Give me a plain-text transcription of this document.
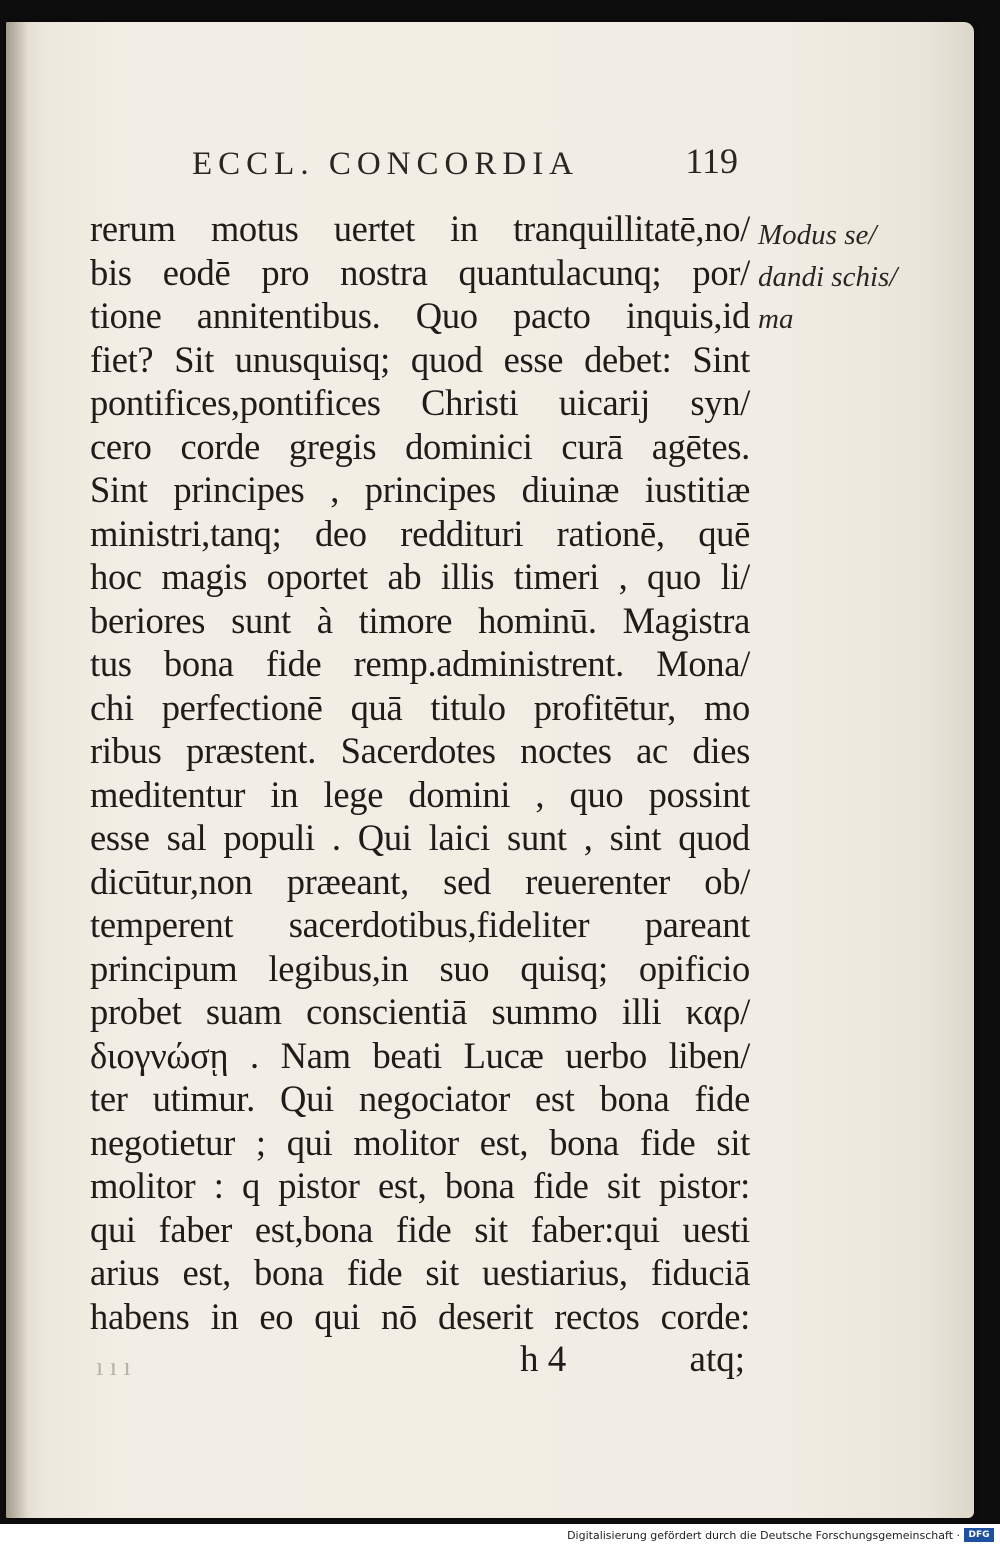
ECCL. CONCORDIA	119
rerum motus uertet in tranquillitatē,no/
bis eodē pro nostra quantulacunq; por/
tione annitentibus. Quo pacto inquis,id
fiet? Sit unusquisq; quod esse debet: Sint
pontifices,pontifices Christi uicarij syn/
cero corde gregis dominici curā agētes.
Sint principes , principes diuinæ iustitiæ
ministri,tanq; deo reddituri rationē, quē
hoc magis oportet ab illis timeri , quo li/
beriores sunt à timore hominū. Magistra
tus bona fide remp.administrent. Mona/
chi perfectionē quā titulo profitētur, mo
ribus præstent. Sacerdotes noctes ac dies
meditentur in lege domini , quo possint
esse sal populi . Qui laici sunt , sint quod
dicūtur,non præeant, sed reuerenter ob/
temperent sacerdotibus,fideliter pareant
principum legibus,in suo quisq; opificio
probet suam conscientiā summo illi καρ/
διογνώσῃ . Nam beati Lucæ uerbo liben/
ter utimur. Qui negociator est bona fide
negotietur ; qui molitor est, bona fide sit
molitor : q pistor est, bona fide sit pistor:
qui faber est,bona fide sit faber:qui uesti
arius est, bona fide sit uestiarius, fiduciā
habens in eo qui nō deserit rectos corde:
ı ı ı	h 4	atq;
Modus se/
dandi schis/
ma
Digitalisierung gefördert durch die Deutsche Forschungsgemeinschaft · DFG
